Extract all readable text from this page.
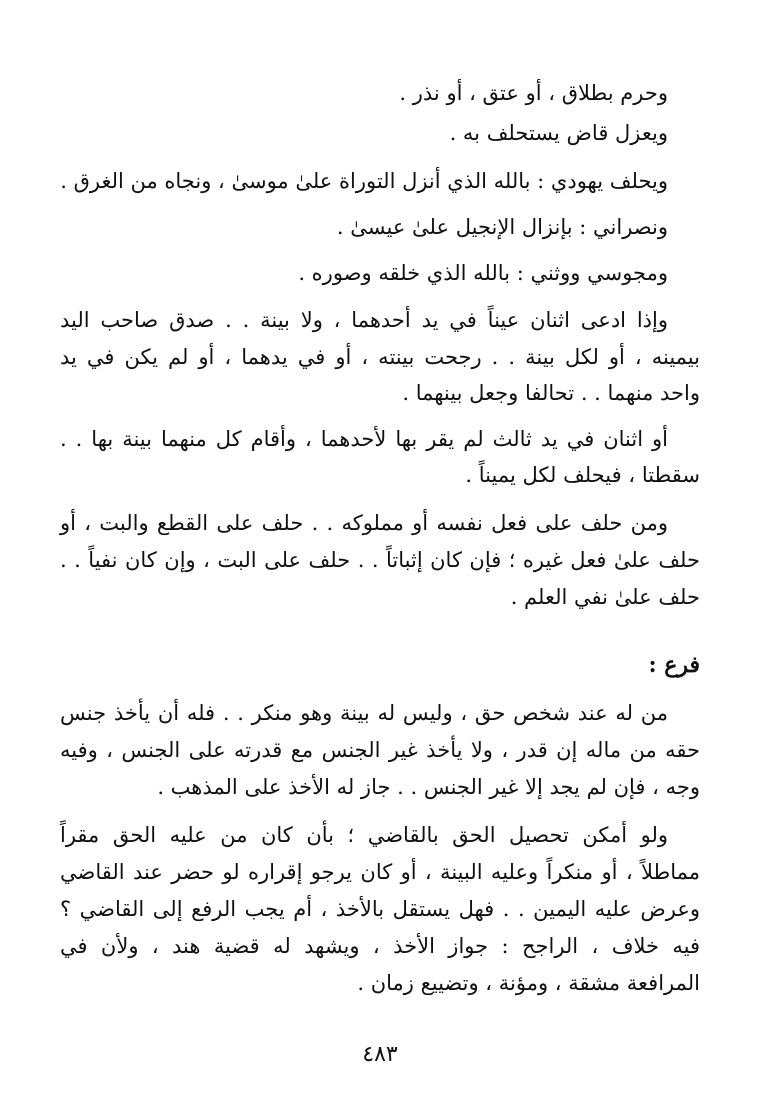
وحرم بطلاق ، أو عتق ، أو نذر .
ويعزل قاض يستحلف به .
ويحلف يهودي : بالله الذي أنزل التوراة علىٰ موسىٰ ، ونجاه من الغرق .
ونصراني : بإنزال الإنجيل علىٰ عيسىٰ .
ومجوسي ووثني : بالله الذي خلقه وصوره .
وإذا ادعى اثنان عيناً في يد أحدهما ، ولا بينة . . صدق صاحب اليد
بيمينه ، أو لكل بينة . . رجحت بينته ، أو في يدهما ، أو لم يكن في يد
واحد منهما . . تحالفا وجعل بينهما .
أو اثنان في يد ثالث لم يقر بها لأحدهما ، وأقام كل منهما بينة بها . .
سقطتا ، فيحلف لكل يميناً .
ومن حلف على فعل نفسه أو مملوكه . . حلف على القطع والبت ، أو
حلف علىٰ فعل غيره ؛ فإن كان إثباتاً . . حلف على البت ، وإن كان نفياً . .
حلف علىٰ نفي العلم .
فرع :
من له عند شخص حق ، وليس له بينة وهو منكر . . فله أن يأخذ جنس
حقه من ماله إن قدر ، ولا يأخذ غير الجنس مع قدرته على الجنس ، وفيه
وجه ، فإن لم يجد إلا غير الجنس . . جاز له الأخذ على المذهب .
ولو أمكن تحصيل الحق بالقاضي ؛ بأن كان من عليه الحق مقراً
مماطلاً ، أو منكراً وعليه البينة ، أو كان يرجو إقراره لو حضر عند القاضي
وعرض عليه اليمين . . فهل يستقل بالأخذ ، أم يجب الرفع إلى القاضي ؟
فيه خلاف ، الراجح : جواز الأخذ ، ويشهد له قضية هند ، ولأن في
المرافعة مشقة ، ومؤنة ، وتضييع زمان .
٤٨٣
